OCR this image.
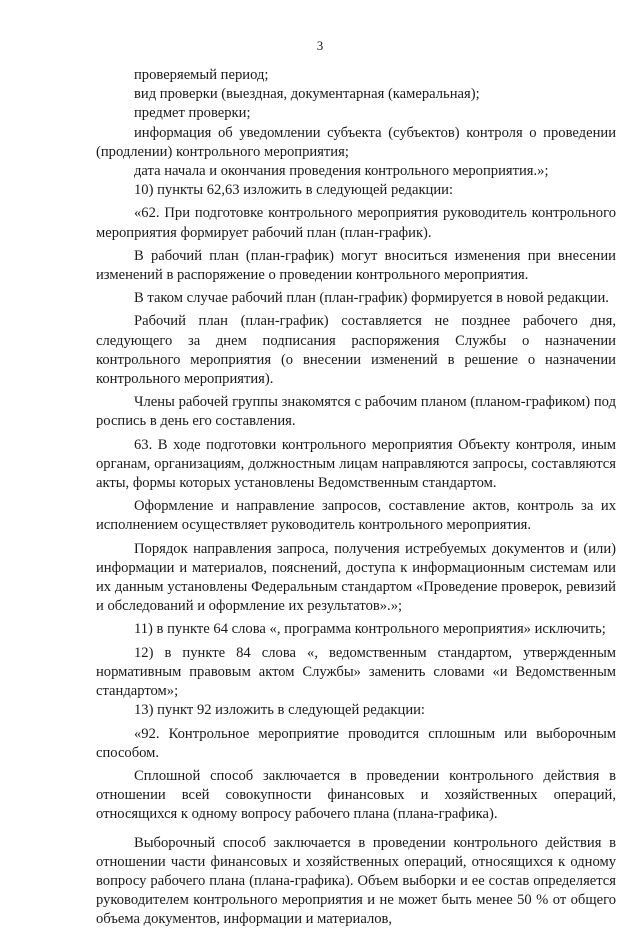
3

проверяемый период;

вид проверки (выездная, документарная (камеральная);

предмет проверки;

информация об уведомлении субъекта (субъектов) контроля о проведении (продлении) контрольного мероприятия;

дата начала и окончания проведения контрольного мероприятия.»;

10) пункты 62,63 изложить в следующей редакции:

«62. При подготовке контрольного мероприятия руководитель контрольного мероприятия формирует рабочий план (план-график).

В рабочий план (план-график) могут вноситься изменения при внесении изменений в распоряжение о проведении контрольного мероприятия.

В таком случае рабочий план (план-график) формируется в новой редакции.

Рабочий план (план-график) составляется не позднее рабочего дня, следующего за днем подписания распоряжения Службы о назначении контрольного мероприятия (о внесении изменений в решение о назначении контрольного мероприятия).

Члены рабочей группы знакомятся с рабочим планом (планом-графиком) под роспись в день его составления.

63. В ходе подготовки контрольного мероприятия Объекту контроля, иным органам, организациям, должностным лицам направляются запросы, составляются акты, формы которых установлены Ведомственным стандартом.

Оформление и направление запросов, составление актов, контроль за их исполнением осуществляет руководитель контрольного мероприятия.

Порядок направления запроса, получения истребуемых документов и (или) информации и материалов, пояснений, доступа к информационным системам или их данным установлены Федеральным стандартом «Проведение проверок, ревизий и обследований и оформление их результатов».»;

11) в пункте 64 слова «, программа контрольного мероприятия» исключить;

12) в пункте 84 слова «, ведомственным стандартом, утвержденным нормативным правовым актом Службы» заменить словами «и Ведомственным стандартом»;

13) пункт 92 изложить в следующей редакции:

«92. Контрольное мероприятие проводится сплошным или выборочным способом.

Сплошной способ заключается в проведении контрольного действия в отношении всей совокупности финансовых и хозяйственных операций, относящихся к одному вопросу рабочего плана (плана-графика).

Выборочный способ заключается в проведении контрольного действия в отношении части финансовых и хозяйственных операций, относящихся к одному вопросу рабочего плана (плана-графика). Объем выборки и ее состав определяется руководителем контрольного мероприятия и не может быть менее 50 % от общего объема документов, информации и материалов,
